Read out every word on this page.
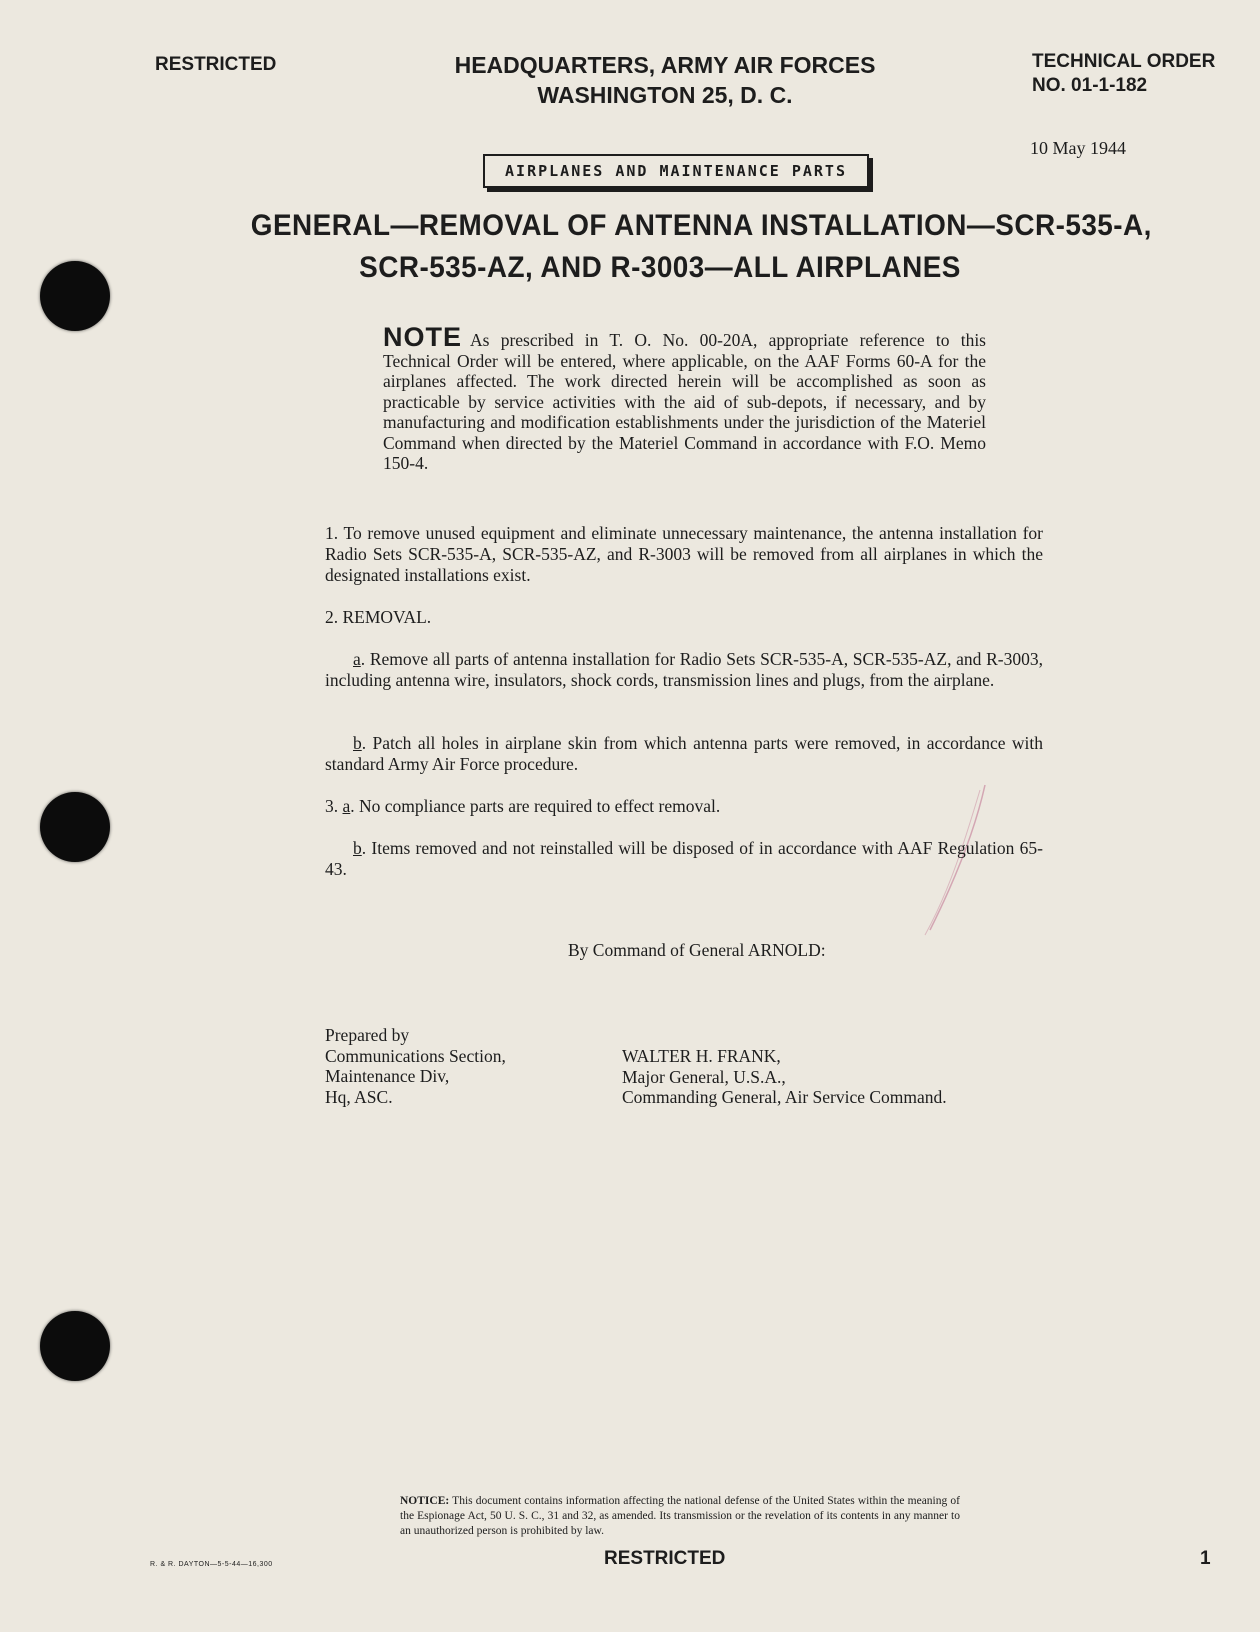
RESTRICTED	HEADQUARTERS, ARMY AIR FORCES
WASHINGTON 25, D. C.
TECHNICAL ORDER
NO. 01-1-182
10 May 1944
AIRPLANES AND MAINTENANCE PARTS
GENERAL—REMOVAL OF ANTENNA INSTALLATION—SCR-535-A,
SCR-535-AZ, AND R-3003—ALL AIRPLANES
NOTE As prescribed in T. O. No. 00-20A, appropriate reference to this Technical Order will be entered, where applicable, on the AAF Forms 60-A for the airplanes affected. The work directed herein will be accomplished as soon as practicable by service activities with the aid of sub-depots, if necessary, and by manufacturing and modification establishments under the jurisdiction of the Materiel Command when directed by the Materiel Command in accordance with F.O. Memo 150-4.
1. To remove unused equipment and eliminate unnecessary maintenance, the antenna installation for Radio Sets SCR-535-A, SCR-535-AZ, and R-3003 will be removed from all airplanes in which the designated installations exist.
2. REMOVAL.
a. Remove all parts of antenna installation for Radio Sets SCR-535-A, SCR-535-AZ, and R-3003, including antenna wire, insulators, shock cords, transmission lines and plugs, from the airplane.
b. Patch all holes in airplane skin from which antenna parts were removed, in accordance with standard Army Air Force procedure.
3. a. No compliance parts are required to effect removal.
b. Items removed and not reinstalled will be disposed of in accordance with AAF Regulation 65-43.
By Command of General ARNOLD:
Prepared by
Communications Section,
Maintenance Div,
Hq, ASC.
WALTER H. FRANK,
Major General, U.S.A.,
Commanding General, Air Service Command.
NOTICE: This document contains information affecting the national defense of the United States within the meaning of the Espionage Act, 50 U. S. C., 31 and 32, as amended. Its transmission or the revelation of its contents in any manner to an unauthorized person is prohibited by law.
R. & R. DAYTON—5-5-44—16,300	RESTRICTED	1
